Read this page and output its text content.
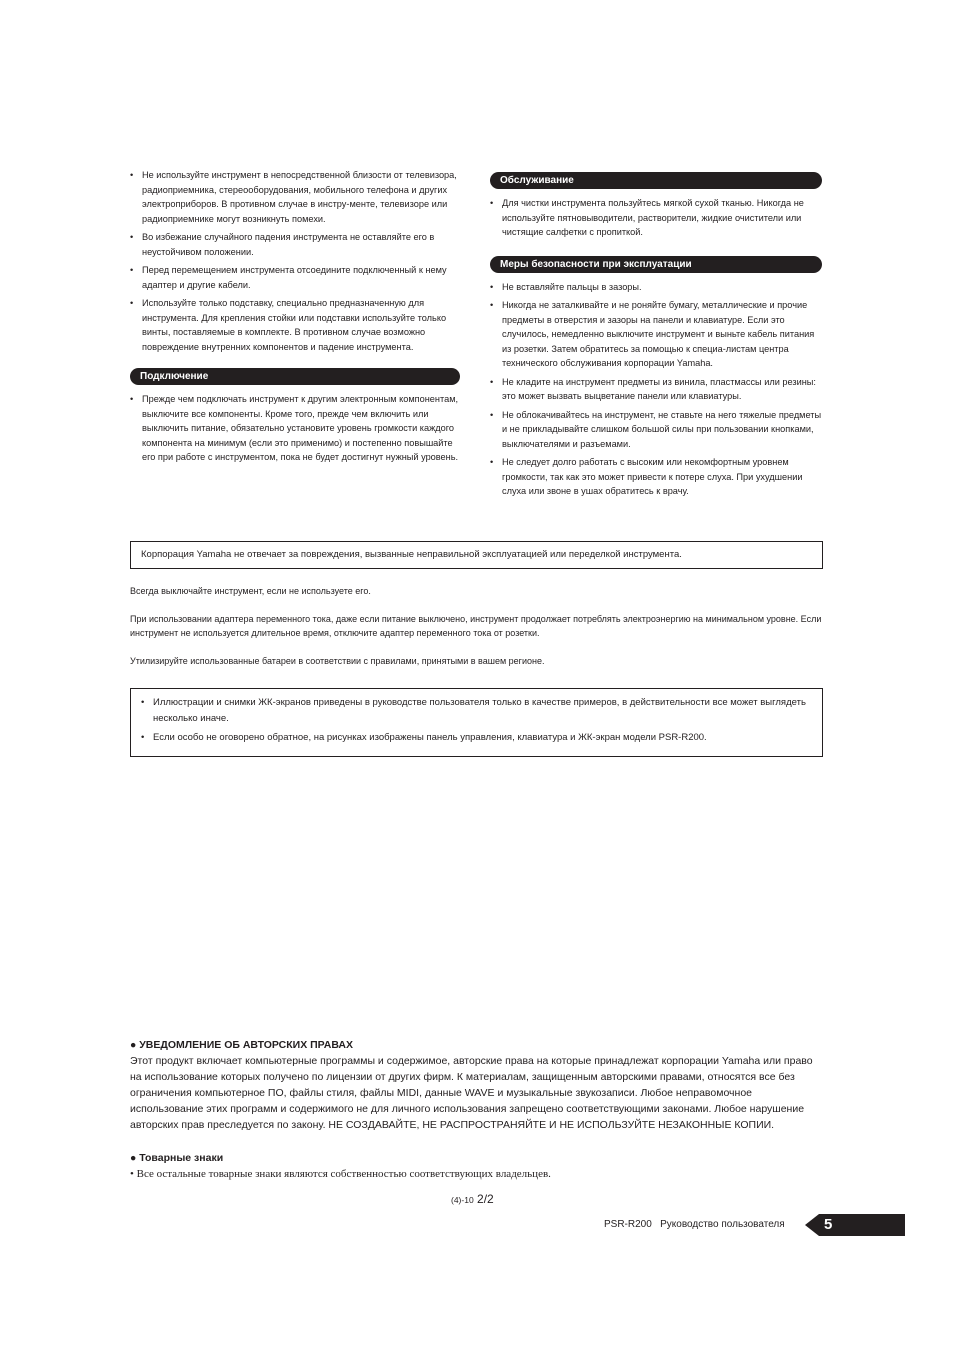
• Не используйте инструмент в непосредственной близости от телевизора, радиоприемника, стереооборудования, мобильного телефона и других электроприборов. В противном случае в инстру-менте, телевизоре или радиоприемнике могут возникнуть помехи.
• Во избежание случайного падения инструмента не оставляйте его в неустойчивом положении.
• Перед перемещением инструмента отсоедините подключенный к нему адаптер и другие кабели.
• Используйте только подставку, специально предназначенную для инструмента. Для крепления стойки или подставки используйте только винты, поставляемые в комплекте. В противном случае возможно повреждение внутренних компонентов и падение инструмента.
Подключение
• Прежде чем подключать инструмент к другим электронным компонентам, выключите все компоненты. Кроме того, прежде чем включить или выключить питание, обязательно установите уровень громкости каждого компонента на минимум (если это применимо) и постепенно повышайте его при работе с инструментом, пока не будет достигнут нужный уровень.
Обслуживание
• Для чистки инструмента пользуйтесь мягкой сухой тканью. Никогда не используйте пятновыводители, растворители, жидкие очистители или чистящие салфетки с пропиткой.
Меры безопасности при эксплуатации
• Не вставляйте пальцы в зазоры.
• Никогда не заталкивайте и не роняйте бумагу, металлические и прочие предметы в отверстия и зазоры на панели и клавиатуре. Если это случилось, немедленно выключите инструмент и выньте кабель питания из розетки. Затем обратитесь за помощью к специа-листам центра технического обслуживания корпорации Yamaha.
• Не кладите на инструмент предметы из винила, пластмассы или резины: это может вызвать выцветание панели или клавиатуры.
• Не облокачивайтесь на инструмент, не ставьте на него тяжелые предметы и не прикладывайте слишком большой силы при пользовании кнопками, выключателями и разъемами.
• Не следует долго работать с высоким или некомфортным уровнем громкости, так как это может привести к потере слуха. При ухудшении слуха или звоне в ушах обратитесь к врачу.
Корпорация Yamaha не отвечает за повреждения, вызванные неправильной эксплуатацией или переделкой инструмента.
Всегда выключайте инструмент, если не используете его.
При использовании адаптера переменного тока, даже если питание выключено, инструмент продолжает потреблять электроэнергию на минимальном уровне. Если инструмент не используется длительное время, отключите адаптер переменного тока от розетки.
Утилизируйте использованные батареи в соответствии с правилами, принятыми в вашем регионе.
• Иллюстрации и снимки ЖК-экранов приведены в руководстве пользователя только в качестве примеров, в действительности все может выглядеть несколько иначе.
• Если особо не оговорено обратное, на рисунках изображены панель управления, клавиатура и ЖК-экран модели PSR-R200.
● УВЕДОМЛЕНИЕ ОБ АВТОРСКИХ ПРАВАХ
Этот продукт включает компьютерные программы и содержимое, авторские права на которые принадлежат корпорации Yamaha или право на использование которых получено по лицензии от других фирм. К материалам, защищенным авторскими правами, относятся все без ограничения компьютерное ПО, файлы стиля, файлы MIDI, данные WAVE и музыкальные звукозаписи. Любое неправомочное использование этих программ и содержимого не для личного использования запрещено соответствующими законами. Любое нарушение авторских прав преследуется по закону. НЕ СОЗДАВАЙТЕ, НЕ РАСПРОСТРАНЯЙТЕ И НЕ ИСПОЛЬЗУЙТЕ НЕЗАКОННЫЕ КОПИИ.
● Товарные знаки
• Все остальные товарные знаки являются собственностью соответствующих владельцев.
(4)-10 2/2
PSR-R200   Руководство пользователя	5
